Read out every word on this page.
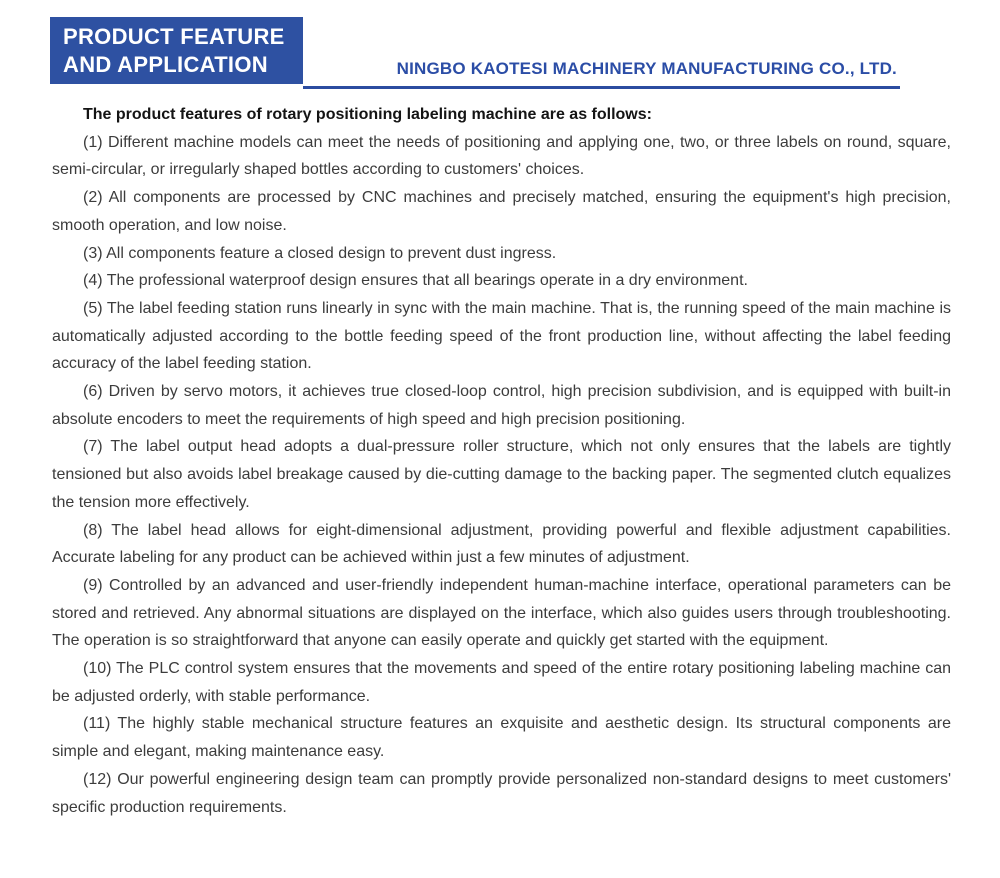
PRODUCT FEATURE
AND APPLICATION	NINGBO KAOTESI MACHINERY MANUFACTURING CO., LTD.

The product features of rotary positioning labeling machine are as follows:

(1) Different machine models can meet the needs of positioning and applying one, two, or three labels on round, square, semi-circular, or irregularly shaped bottles according to customers' choices.

(2) All components are processed by CNC machines and precisely matched, ensuring the equipment's high precision, smooth operation, and low noise.

(3) All components feature a closed design to prevent dust ingress.

(4) The professional waterproof design ensures that all bearings operate in a dry environment.

(5) The label feeding station runs linearly in sync with the main machine. That is, the running speed of the main machine is automatically adjusted according to the bottle feeding speed of the front production line, without affecting the label feeding accuracy of the label feeding station.

(6) Driven by servo motors, it achieves true closed-loop control, high precision subdivision, and is equipped with built-in absolute encoders to meet the requirements of high speed and high precision positioning.

(7) The label output head adopts a dual-pressure roller structure, which not only ensures that the labels are tightly tensioned but also avoids label breakage caused by die-cutting damage to the backing paper. The segmented clutch equalizes the tension more effectively.

(8) The label head allows for eight-dimensional adjustment, providing powerful and flexible adjustment capabilities. Accurate labeling for any product can be achieved within just a few minutes of adjustment.

(9) Controlled by an advanced and user-friendly independent human-machine interface, operational parameters can be stored and retrieved. Any abnormal situations are displayed on the interface, which also guides users through troubleshooting. The operation is so straightforward that anyone can easily operate and quickly get started with the equipment.

(10) The PLC control system ensures that the movements and speed of the entire rotary positioning labeling machine can be adjusted orderly, with stable performance.

(11) The highly stable mechanical structure features an exquisite and aesthetic design. Its structural components are simple and elegant, making maintenance easy.

(12) Our powerful engineering design team can promptly provide personalized non-standard designs to meet customers' specific production requirements.
